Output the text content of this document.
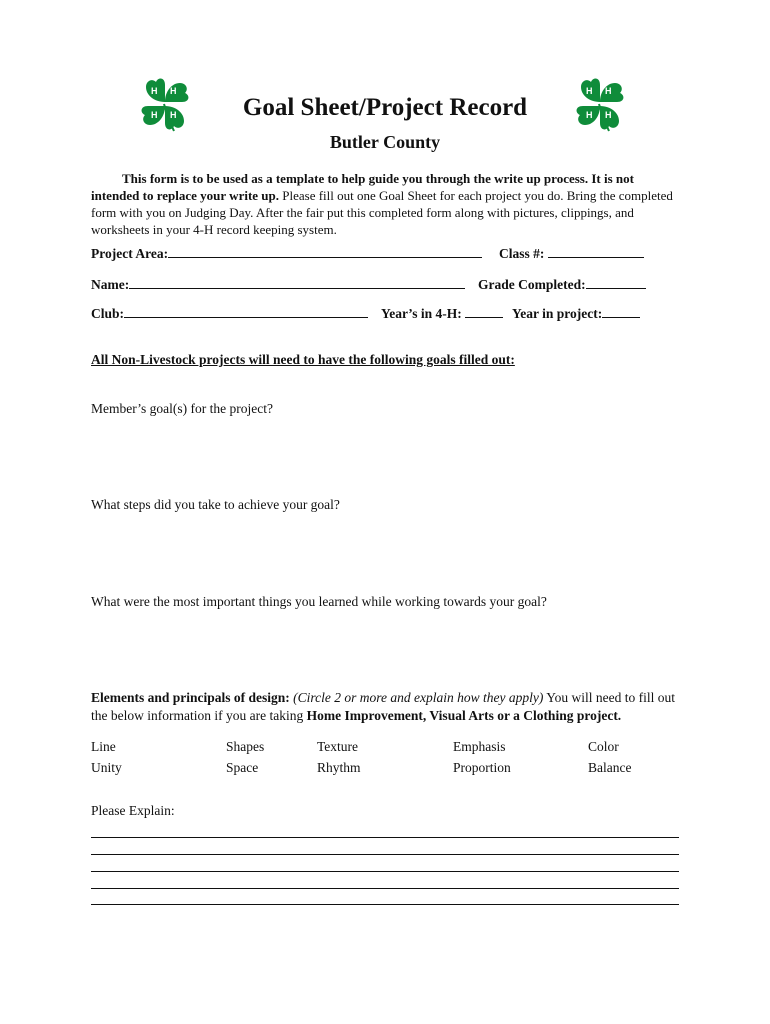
H H
H H
H H
H H
Goal Sheet/Project Record
Butler County
This form is to be used as a template to help guide you through the write up process. It is not intended to replace your write up. Please fill out one Goal Sheet for each project you do. Bring the completed form with you on Judging Day. After the fair put this completed form along with pictures, clippings, and worksheets in your 4-H record keeping system.
Project Area:	Class #:
Name:	Grade Completed:
Club:	Year’s in 4-H:	Year in project:
All Non-Livestock projects will need to have the following goals filled out:
Member’s goal(s) for the project?
What steps did you take to achieve your goal?
What were the most important things you learned while working towards your goal?
Elements and principals of design: (Circle 2 or more and explain how they apply) You will need to fill out the below information if you are taking Home Improvement, Visual Arts or a Clothing project.
Line	Shapes	Texture	Emphasis	Color
Unity	Space	Rhythm	Proportion	Balance
Please Explain:
